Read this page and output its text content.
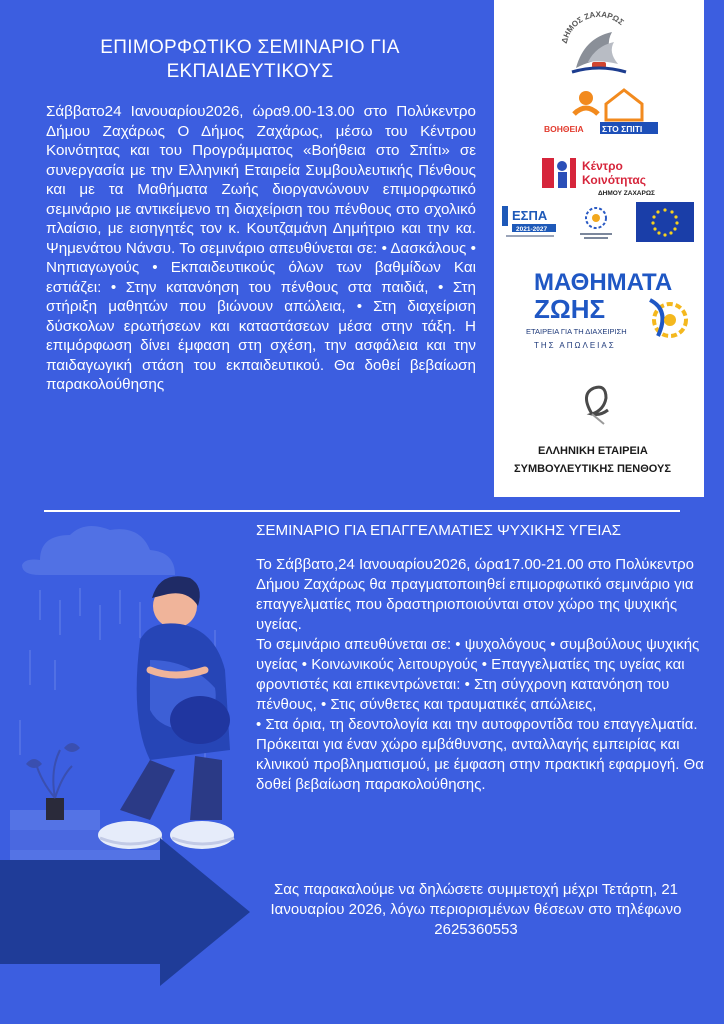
ΕΠΙΜΟΡΦΩΤΙΚΟ ΣΕΜΙΝΑΡΙΟ ΓΙΑ
ΕΚΠΑΙΔΕΥΤΙΚΟΥΣ
Σάββατο24 Ιανουαρίου2026, ώρα9.00-13.00 στο Πολύκεντρο Δήμου Ζαχάρως Ο Δήμος Ζαχάρως, μέσω του Κέντρου Κοινότητας και του Προγράμματος «Βοήθεια στο Σπίτι» σε συνεργασία με την Ελληνική Εταιρεία Συμβουλευτικής Πένθους και με τα Μαθήματα Ζωής διοργανώνουν επιμορφωτικό σεμινάριο με αντικείμενο τη διαχείριση του πένθους στο σχολικό πλαίσιο, με εισηγητές τον κ. Κουτζαμάνη Δημήτριο και την κα. Ψημενάτου Νάνσυ. Το σεμινάριο απευθύνεται σε: • Δασκάλους • Νηπιαγωγούς • Εκπαιδευτικούς όλων των βαθμίδων Και εστιάζει: • Στην κατανόηση του πένθους στα παιδιά, • Στη στήριξη μαθητών που βιώνουν απώλεια, • Στη διαχείριση δύσκολων ερωτήσεων και καταστάσεων μέσα στην τάξη. Η επιμόρφωση δίνει έμφαση στη σχέση, την ασφάλεια και την παιδαγωγική στάση του εκπαιδευτικού. Θα δοθεί βεβαίωση παρακολούθησης
ΔΗΜΟΣ ΖΑΧΑΡΩΣ
ΒΟΗΘΕΙΑ ΣΤΟ ΣΠΙΤΙ
Κέντρο
Κοινότητας
ΔΗΜΟΥ ΖΑΧΑΡΩΣ
ΕΣΠΑ
2021-2027
ΜΑΘΗΜΑΤΑ
ΖΩΗΣ
ΕΤΑΙΡΕΙΑ ΓΙΑ ΤΗ ΔΙΑΧΕΙΡΙΣΗ
ΤΗΣ ΑΠΩΛΕΙΑΣ
ΕΛΛΗΝΙΚΗ ΕΤΑΙΡΕΙΑ
ΣΥΜΒΟΥΛΕΥΤΙΚΗΣ ΠΕΝΘΟΥΣ
ΣΕΜΙΝΑΡΙΟ ΓΙΑ ΕΠΑΓΓΕΛΜΑΤΙΕΣ ΨΥΧΙΚΗΣ ΥΓΕΙΑΣ

Το Σάββατο,24 Ιανουαρίου2026, ώρα17.00-21.00 στο Πολύκεντρο Δήμου Ζαχάρως θα πραγματοποιηθεί επιμορφωτικό σεμινάριο για επαγγελματίες που δραστηριοποιούνται στον χώρο της ψυχικής υγείας.

Το σεμινάριο απευθύνεται σε: • ψυχολόγους • συμβούλους ψυχικής υγείας • Κοινωνικούς λειτουργούς • Επαγγελματίες της υγείας και φροντιστές και επικεντρώνεται: • Στη σύγχρονη κατανόηση του πένθους, • Στις σύνθετες και τραυματικές απώλειες,

• Στα όρια, τη δεοντολογία και την αυτοφροντίδα του επαγγελματία. Πρόκειται για έναν χώρο εμβάθυνσης, ανταλλαγής εμπειρίας και κλινικού προβληματισμού, με έμφαση στην πρακτική εφαρμογή. Θα δοθεί βεβαίωση παρακολούθησης.

Σας παρακαλούμε να δηλώσετε συμμετοχή μέχρι Τετάρτη, 21 Ιανουαρίου 2026, λόγω περιορισμένων θέσεων στο τηλέφωνο 2625360553
